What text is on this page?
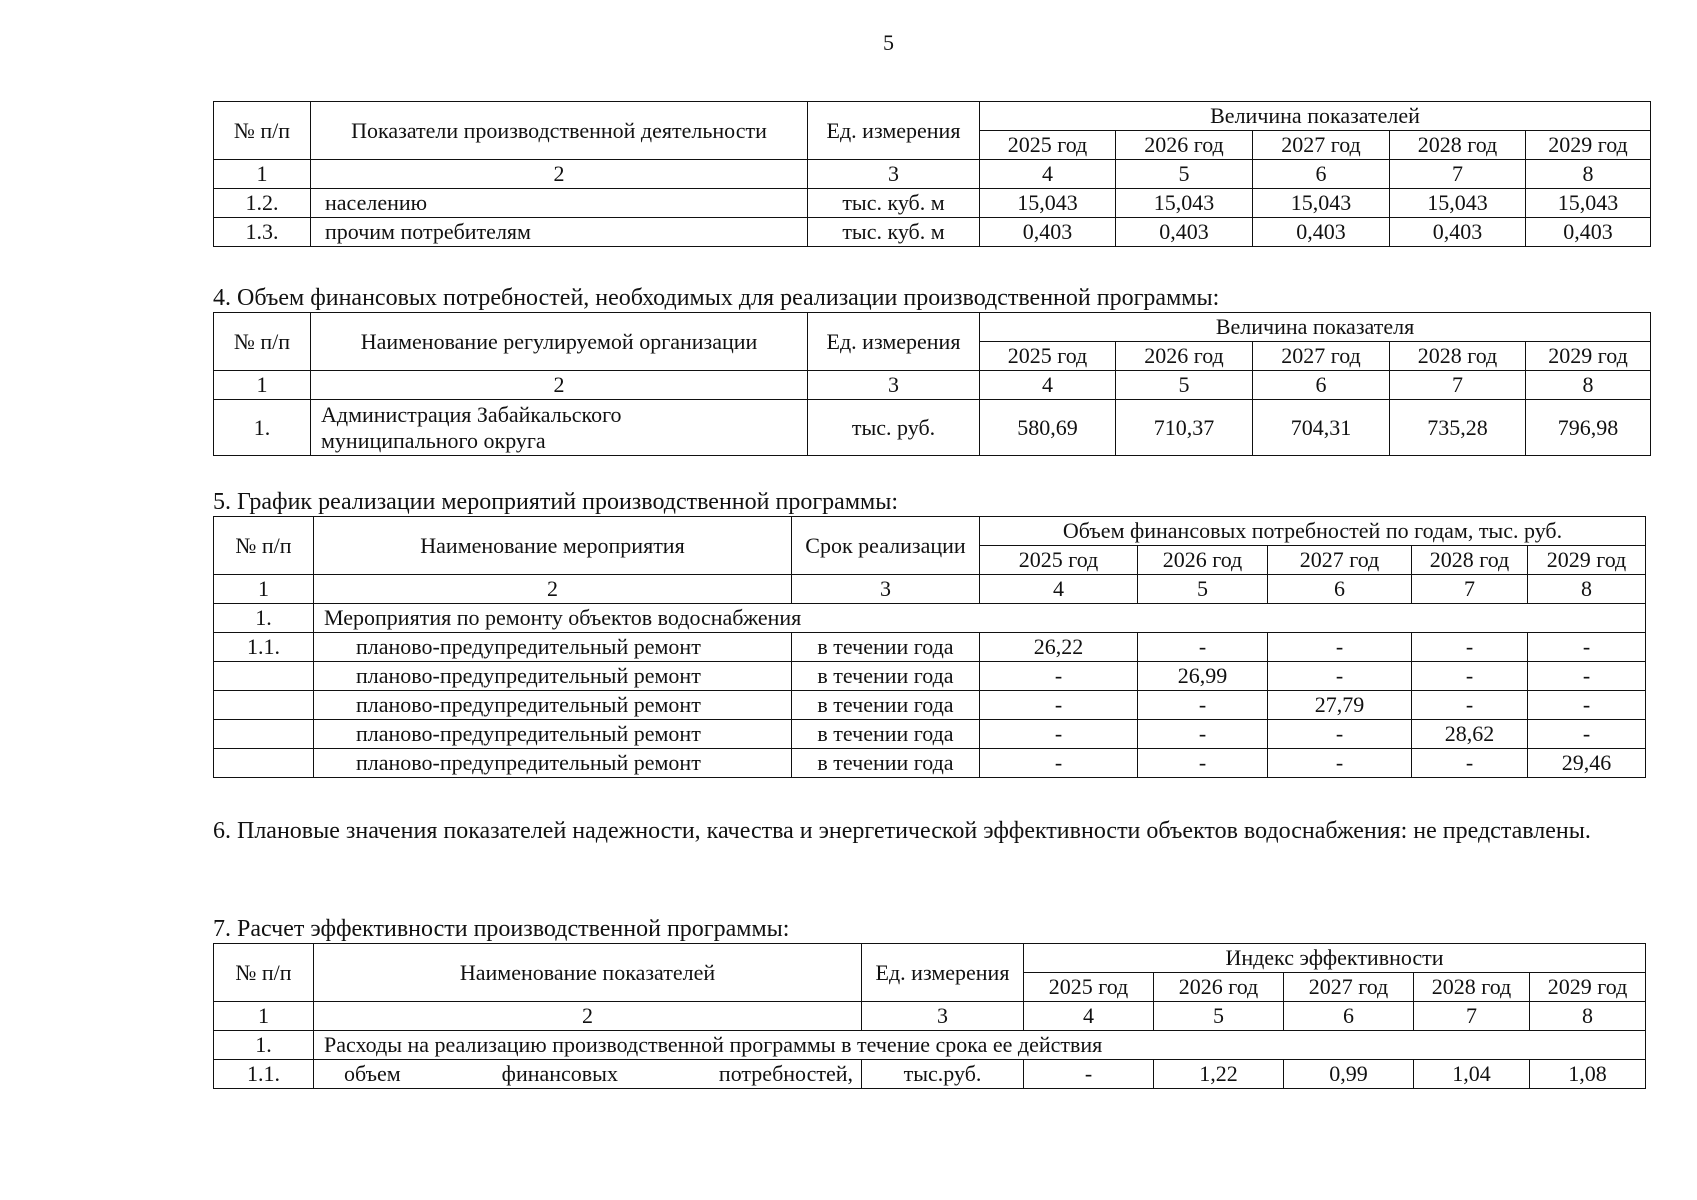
5
№ п/п	Показатели производственной деятельности	Ед. измерения	Величина показателей				
			2025 год	2026 год	2027 год	2028 год	2029 год
1	2	3	4	5	6	7	8
1.2.	населению	тыс. куб. м	15,043	15,043	15,043	15,043	15,043
1.3.	прочим потребителям	тыс. куб. м	0,403	0,403	0,403	0,403	0,403
4. Объем финансовых потребностей, необходимых для реализации производственной программы:
№ п/п	Наименование регулируемой организации	Ед. измерения	Величина показателя				
			2025 год	2026 год	2027 год	2028 год	2029 год
1	2	3	4	5	6	7	8
1.	Администрация Забайкальского муниципального округа	тыс. руб.	580,69	710,37	704,31	735,28	796,98
5. График реализации мероприятий производственной программы:
№ п/п	Наименование мероприятия	Срок реализации	Объем финансовых потребностей по годам, тыс. руб.				
			2025 год	2026 год	2027 год	2028 год	2029 год
1	2	3	4	5	6	7	8
1.	Мероприятия по ремонту объектов водоснабжения						
1.1.	планово-предупредительный ремонт	в течении года	26,22	-	-	-	-
	планово-предупредительный ремонт	в течении года	-	26,99	-	-	-
	планово-предупредительный ремонт	в течении года	-	-	27,79	-	-
	планово-предупредительный ремонт	в течении года	-	-	-	28,62	-
	планово-предупредительный ремонт	в течении года	-	-	-	-	29,46
6. Плановые значения показателей надежности, качества и энергетической эффективности объектов водоснабжения: не представлены.
7. Расчет эффективности производственной программы:
№ п/п	Наименование показателей	Ед. измерения	Индекс эффективности				
			2025 год	2026 год	2027 год	2028 год	2029 год
1	2	3	4	5	6	7	8
1.	Расходы на реализацию производственной программы в течение срока ее действия						
1.1.	объем финансовых потребностей,	тыс.руб.	-	1,22	0,99	1,04	1,08
